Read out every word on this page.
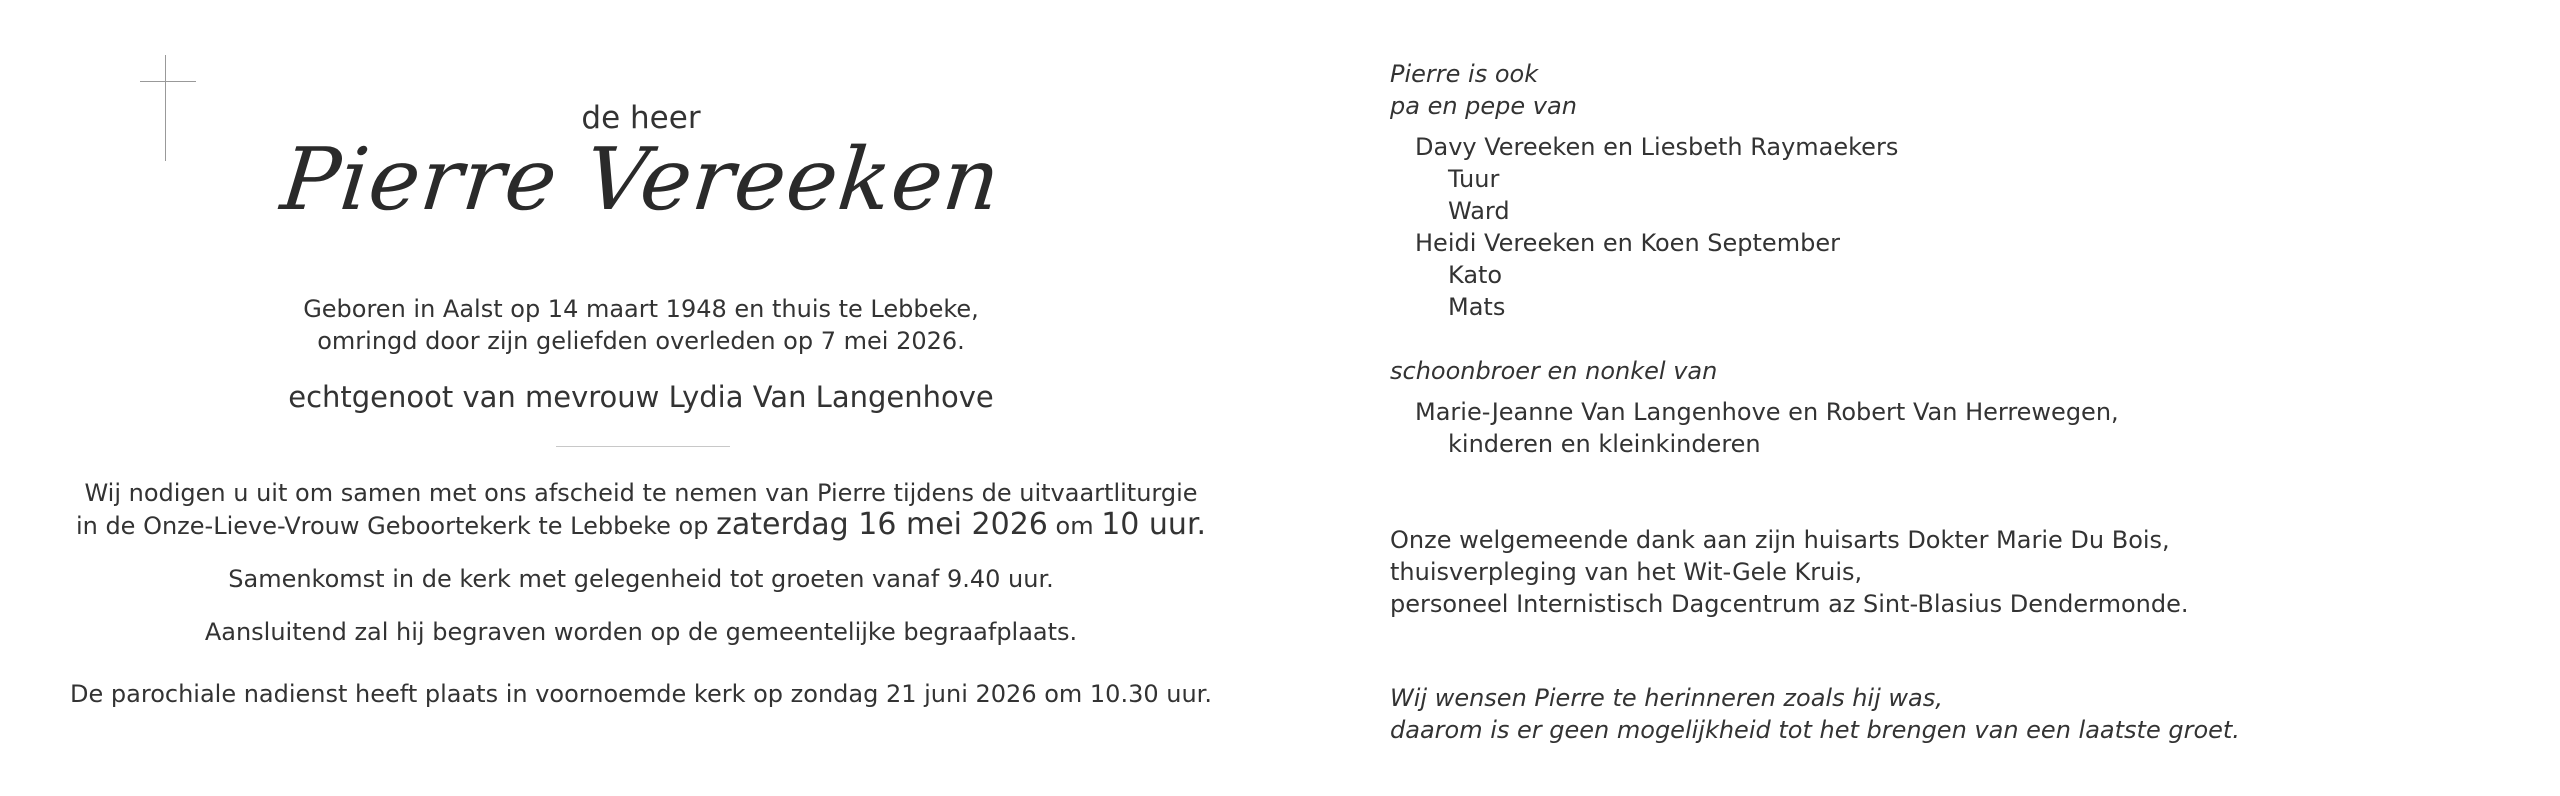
de heer
Pierre Vereeken
Geboren in Aalst op 14 maart 1948 en thuis te Lebbeke,
omringd door zijn geliefden overleden op 7 mei 2026.
echtgenoot van mevrouw Lydia Van Langenhove
Wij nodigen u uit om samen met ons afscheid te nemen van Pierre tijdens de uitvaartliturgie
in de Onze-Lieve-Vrouw Geboortekerk te Lebbeke op zaterdag 16 mei 2026 om 10 uur.
Samenkomst in de kerk met gelegenheid tot groeten vanaf 9.40 uur.
Aansluitend zal hij begraven worden op de gemeentelijke begraafplaats.
De parochiale nadienst heeft plaats in voornoemde kerk op zondag 21 juni 2026 om 10.30 uur.
Pierre is ook
pa en pepe van
Davy Vereeken en Liesbeth Raymaekers
Tuur
Ward
Heidi Vereeken en Koen September
Kato
Mats
schoonbroer en nonkel van
Marie-Jeanne Van Langenhove en Robert Van Herrewegen,
kinderen en kleinkinderen
Onze welgemeende dank aan zijn huisarts Dokter Marie Du Bois,
thuisverpleging van het Wit-Gele Kruis,
personeel Internistisch Dagcentrum az Sint-Blasius Dendermonde.
Wij wensen Pierre te herinneren zoals hij was,
daarom is er geen mogelijkheid tot het brengen van een laatste groet.
